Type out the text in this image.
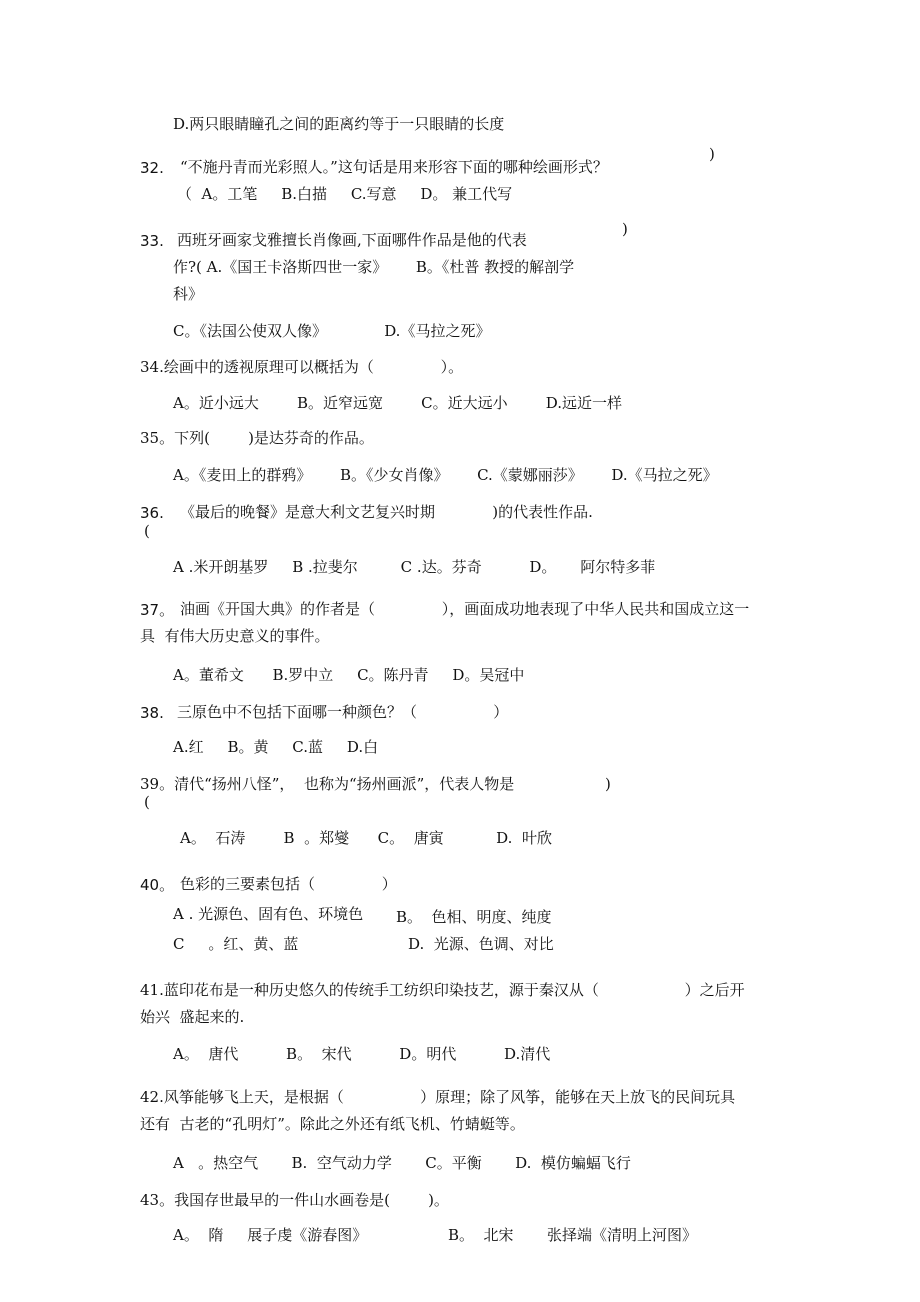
D.两只眼睛瞳孔之间的距离约等于一只眼睛的长度
32. “不施丹青而光彩照人。”这句话是用来形容下面的哪种绘画形式？
)
（  A。工笔     B.白描     C.写意     D。 兼工代写
33. 西班牙画家戈雅擅长肖像画,下面哪件作品是他的代表
)
作?( A.《国王卡洛斯四世一家》      B。《杜普 教授的解剖学
科》
C。《法国公使双人像》            D.《马拉之死》
34.绘画中的透视原理可以概括为（              ）。
A。近小远大        B。近窄远宽        C。近大远小        D.远近一样
35。下列(        )是达芬奇的作品。
A。《麦田上的群鸦》      B。《少女肖像》      C.《蒙娜丽莎》      D.《马拉之死》
36. 《最后的晚餐》是意大利文艺复兴时期            )的代表性作品.
(
A .米开朗基罗     B .拉斐尔         C .达。芬奇          D。     阿尔特多菲
37。 油画《开国大典》的作者是（              ），画面成功地表现了中华人民共和国成立这一
具  有伟大历史意义的事件。
A。董希文      B.罗中立     C。陈丹青     D。吴冠中
38. 三原色中不包括下面哪一种颜色？（                ）
A.红     B。黄     C.蓝     D.白
39。清代“扬州八怪”，  也称为“扬州画派”，代表人物是	)
(
A。  石涛        B  。郑燮      C。  唐寅           D.  叶欣
40。 色彩的三要素包括（              ）
A . 光源色、固有色、环境色 B。  色相、明度、纯度
C     。红、黄、蓝	D.  光源、色调、对比
41.蓝印花布是一种历史悠久的传统手工纺织印染技艺，源于秦汉从（                  ）之后开
始兴  盛起来的.
A。  唐代          B。  宋代          D。明代          D.清代
42.风筝能够飞上天，是根据（                ）原理；除了风筝，能够在天上放飞的民间玩具
还有  古老的“孔明灯”。除此之外还有纸飞机、竹蜻蜓等。
A   。热空气       B.  空气动力学       C。平衡       D.  模仿蝙蝠飞行
43。我国存世最早的一件山水画卷是(        )。
A。  隋     展子虔《游春图》	B。  北宋 张择端《清明上河图》
